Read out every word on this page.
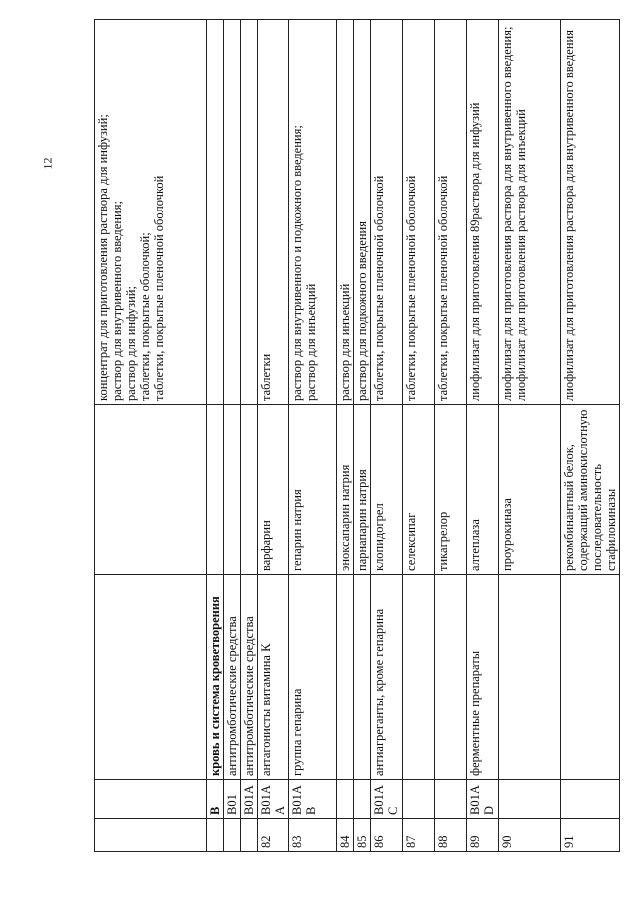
12
				концентрат для приготовления раствора для инфузий;
раствор для внутривенного введения;
раствор для инфузий;
таблетки, покрытые оболочкой;
таблетки, покрытые пленочной оболочкой
	В	кровь и система кроветворения		
	В01	антитромботические средства		
	В01А	антитромботические средства		
82	В01АА	антагонисты витамина К	варфарин	таблетки
83	В01АВ	группа гепарина	гепарин натрия	раствор для внутривенного и подкожного введения;
раствор для инъекций
84			эноксапарин натрия	раствор для инъекций
85			парнапарин натрия	раствор для подкожного введения
86	В01АС	антиагреганты, кроме гепарина	клопидогрел	таблетки, покрытые пленочной оболочкой
87			селексипаг	таблетки, покрытые пленочной оболочкой
88			тикагрелор	таблетки, покрытые пленочной оболочкой
89	В01АD	ферментные препараты	алтеплаза	лиофилизат для приготовления 89раствора для инфузий
90			проурокиназа	лиофилизат для приготовления раствора для внутривенного введения;
лиофилизат для приготовления раствора для инъекций
91			рекомбинантный белок, содержащий аминокислотную последовательность стафилокиназы	лиофилизат для приготовления раствора для внутривенного введения
